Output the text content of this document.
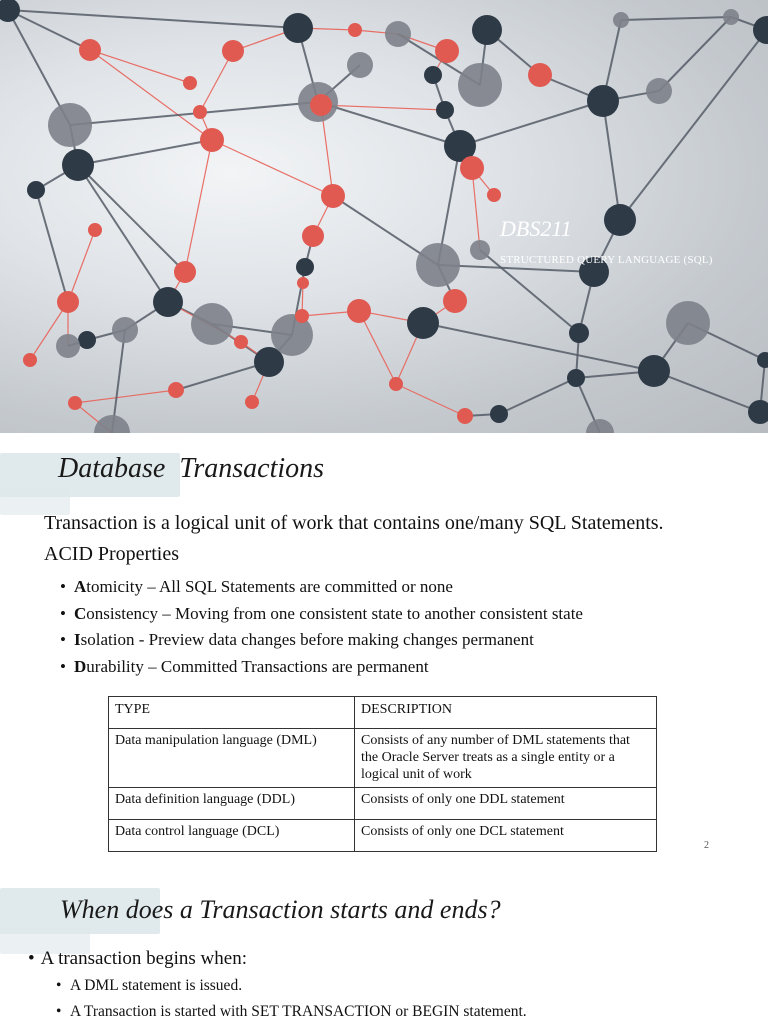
DBS211
STRUCTURED QUERY LANGUAGE (SQL)
Database  Transactions
Transaction is a logical unit of work that contains one/many SQL Statements.
ACID Properties
• Atomicity – All SQL Statements are committed or none
• Consistency – Moving from one consistent state to another consistent state
• Isolation - Preview data changes before making changes permanent
• Durability – Committed Transactions are permanent
TYPE	DESCRIPTION
Data manipulation language (DML)	Consists of any number of DML statements that the Oracle Server treats as a single entity or a logical unit of work
Data definition language (DDL)	Consists of only one DDL statement
Data control language (DCL)	Consists of only one DCL statement
2
When does a Transaction starts and ends?
• A transaction begins when:
• A DML statement is issued.
• A Transaction is started with SET TRANSACTION or BEGIN statement.
